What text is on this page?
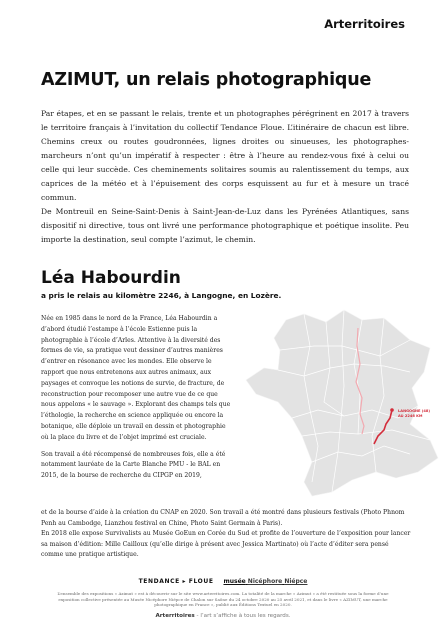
Arterritoires
AZIMUT, un relais photographique

Par étapes, et en se passant le relais, trente et un photographes pérégrinent en 2017 à travers le territoire français à l’invitation du collectif Tendance Floue. L’itinéraire de chacun est libre. Chemins creux ou routes goudronnées, lignes droites ou sinueuses, les photographes-marcheurs n’ont qu’un impératif à respecter : être à l’heure au rendez-vous fixé à celui ou celle qui leur succède. Ces cheminements solitaires soumis au ralentissement du temps, aux caprices de la météo et à l’épuisement des corps esquissent au fur et à mesure un tracé commun.

De Montreuil en Seine-Saint-Denis à Saint-Jean-de-Luz dans les Pyrénées Atlantiques, sans dispositif ni directive, tous ont livré une performance photographique et poétique insolite. Peu importe la destination, seul compte l’azimut, le chemin.

Léa Habourdin
a pris le relais au kilomètre 2246, à Langogne, en Lozère.

Née en 1985 dans le nord de la France, Léa Habourdin a d’abord étudié l’estampe à l’école Estienne puis la photographie à l’école d’Arles. Attentive à la diversité des formes de vie, sa pratique veut dessiner d’autres manières d’entrer en résonance avec les mondes. Elle observe le rapport que nous entretenons aux autres animaux, aux paysages et convoque les notions de survie, de fracture, de reconstruction pour recomposer une autre vue de ce que nous appelons « le sauvage ». Explorant des champs tels que l’éthologie, la recherche en science appliquée ou encore la botanique, elle déploie un travail en dessin et photographie où la place du livre et de l’objet imprimé est cruciale.

Son travail a été récompensé de nombreuses fois, elle a été notamment lauréate de la Carte Blanche PMU - le BAL en 2015, de la bourse de recherche du CIPGP en 2019,

et de la bourse d’aide à la création du CNAP en 2020. Son travail a été montré dans plusieurs festivals (Photo Phnom Penh au Cambodge, Lianzhou festival en Chine, Photo Saint Germain à Paris).
En 2018 elle expose Survivalists au Musée GoEun en Corée du Sud et profite de l’ouverture de l’exposition pour lancer sa maison d’édition: Mille Cailloux (qu’elle dirige à présent avec Jessica Martinato) où l’acte d’éditer sera pensé comme une pratique artistique.
LANGOGNE (48)
AU 2246 KM
TENDANCE ▸ FLOUE musée Nicéphore Niépce
L’ensemble des expositions « Azimut » est à découvrir sur le site www.arterritoires.com. La totalité de la marche « Azimut » a été restituée sous la forme d’une exposition collective présentée au Musée Nicéphore Niépce de Chalon sur Saône du 24 octobre 2020 au 25 avril 2021, et dans le livre « AZIMUT, une marche photographique en France », publié aux Éditions Textuel en 2020.
Arterritoires - l’art s’affiche à tous les regards.
